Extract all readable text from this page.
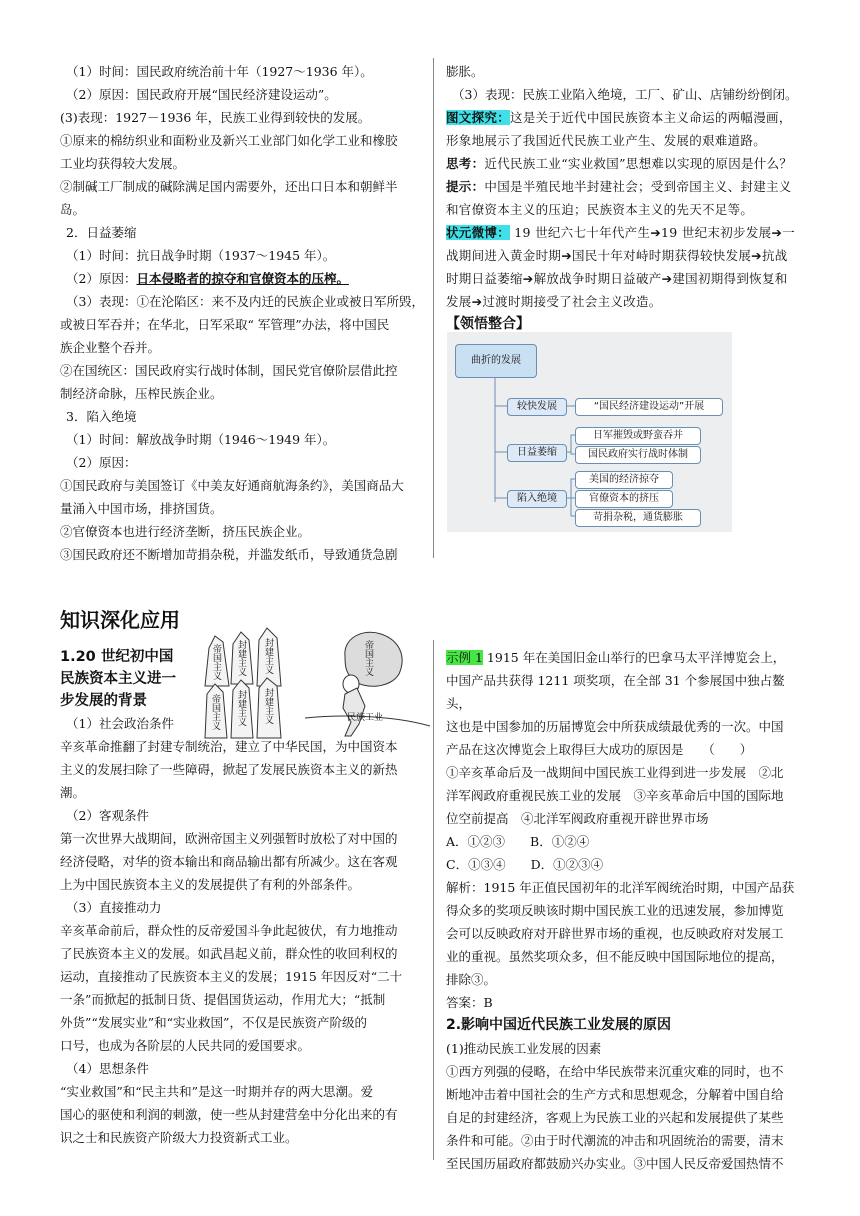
（1）时间：国民政府统治前十年（1927～1936 年）。

（2）原因：国民政府开展“国民经济建设运动”。

(3)表现：1927－1936 年，民族工业得到较快的发展。

①原来的棉纺织业和面粉业及新兴工业部门如化学工业和橡胶

工业均获得较大发展。

②制碱工厂制成的碱除满足国内需要外，还出口日本和朝鲜半

岛。

2．日益萎缩

（1）时间：抗日战争时期（1937～1945 年）。

（2）原因：日本侵略者的掠夺和官僚资本的压榨。

（3）表现：①在沦陷区：来不及内迁的民族企业或被日军所毁，

或被日军吞并；在华北，日军采取“ 军管理”办法，将中国民

族企业整个吞并。

②在国统区：国民政府实行战时体制，国民党官僚阶层借此控

制经济命脉，压榨民族企业。

3．陷入绝境

（1）时间：解放战争时期（1946～1949 年）。

（2）原因：

①国民政府与美国签订《中美友好通商航海条约》，美国商品大

量涌入中国市场，排挤国货。

②官僚资本也进行经济垄断，挤压民族企业。

③国民政府还不断增加苛捐杂税，并滥发纸币，导致通货急剧

膨胀。

（3）表现：民族工业陷入绝境，工厂、矿山、店铺纷纷倒闭。

图文探究：这是关于近代中国民族资本主义命运的两幅漫画，

形象地展示了我国近代民族工业产生、发展的艰难道路。

思考：近代民族工业“实业救国”思想难以实现的原因是什么？

提示：中国是半殖民地半封建社会；受到帝国主义、封建主义

和官僚资本主义的压迫；民族资本主义的先天不足等。

状元微博： 19 世纪六七十年代产生➔19 世纪末初步发展➔一

战期间进入黄金时期➔国民十年对峙时期获得较快发展➔抗战

时期日益萎缩➔解放战争时期日益破产➔建国初期得到恢复和

发展➔过渡时期接受了社会主义改造。

【领悟整合】

曲折的发展
较快发展	“国民经济建设运动”开展
日益萎缩
日军摧毁或野蛮吞并
国民政府实行战时体制
陷入绝境
美国的经济掠夺
官僚资本的挤压
苛捐杂税，通货膨胀
知识深化应用
帝国主义
封建主义
封建主义
帝国主义
封建主义
封建主义
帝国主义
民族工业

1.20 世纪初中国

民族资本主义进一

步发展的背景

（1）社会政治条件

辛亥革命推翻了封建专制统治，建立了中华民国，为中国资本

主义的发展扫除了一些障碍，掀起了发展民族资本主义的新热

潮。

（2）客观条件

第一次世界大战期间，欧洲帝国主义列强暂时放松了对中国的

经济侵略，对华的资本输出和商品输出都有所减少。这在客观

上为中国民族资本主义的发展提供了有利的外部条件。

（3）直接推动力

辛亥革命前后，群众性的反帝爱国斗争此起彼伏，有力地推动

了民族资本主义的发展。如武昌起义前，群众性的收回利权的

运动，直接推动了民族资本主义的发展；1915 年因反对“二十

一条”而掀起的抵制日货、提倡国货运动，作用尤大；“抵制

外货”“发展实业”和“实业救国”，不仅是民族资产阶级的

口号，也成为各阶层的人民共同的爱国要求。

（4）思想条件

“实业救国”和“民主共和”是这一时期并存的两大思潮。爱

国心的驱使和利润的刺激，使一些从封建营垒中分化出来的有

识之士和民族资产阶级大力投资新式工业。

示例 1 1915 年在美国旧金山举行的巴拿马太平洋博览会上，

中国产品共获得 1211 项奖项，在全部 31 个参展国中独占鳌头，

这也是中国参加的历届博览会中所获成绩最优秀的一次。中国

产品在这次博览会上取得巨大成功的原因是　　（　　）

①辛亥革命后及一战期间中国民族工业得到进一步发展　②北

洋军阀政府重视民族工业的发展　③辛亥革命后中国的国际地

位空前提高　④北洋军阀政府重视开辟世界市场

A．①②③　　B．①②④

C．①③④　　D．①②③④

解析：1915 年正值民国初年的北洋军阀统治时期，中国产品获

得众多的奖项反映该时期中国民族工业的迅速发展，参加博览

会可以反映政府对开辟世界市场的重视，也反映政府对发展工

业的重视。虽然奖项众多，但不能反映中国国际地位的提高，

排除③。

答案：B

2.影响中国近代民族工业发展的原因

(1)推动民族工业发展的因素

①西方列强的侵略，在给中华民族带来沉重灾难的同时，也不

断地冲击着中国社会的生产方式和思想观念，分解着中国自给

自足的封建经济，客观上为民族工业的兴起和发展提供了某些

条件和可能。②由于时代潮流的冲击和巩固统治的需要，清末

至民国历届政府都鼓励兴办实业。③中国人民反帝爱国热情不
